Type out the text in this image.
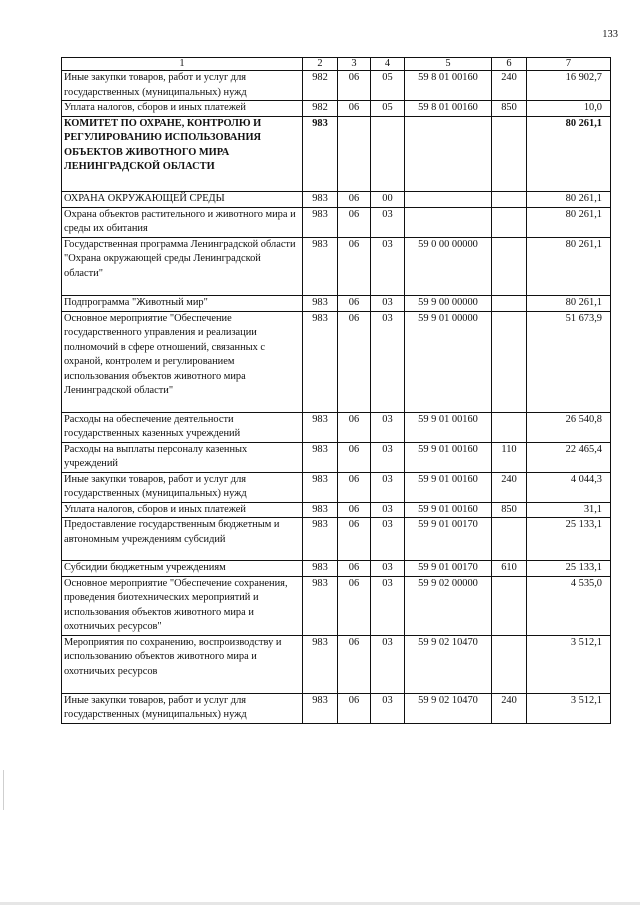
133
1	2	3	4	5	6	7
Иные закупки товаров, работ и услуг для государственных (муниципальных) нужд	982	06	05	59 8 01 00160	240	16 902,7
Уплата налогов, сборов и иных платежей	982	06	05	59 8 01 00160	850	10,0
КОМИТЕТ ПО ОХРАНЕ, КОНТРОЛЮ И РЕГУЛИРОВАНИЮ ИСПОЛЬЗОВАНИЯ ОБЪЕКТОВ ЖИВОТНОГО МИРА ЛЕНИНГРАДСКОЙ ОБЛАСТИ	983					80 261,1
ОХРАНА ОКРУЖАЮЩЕЙ СРЕДЫ	983	06	00			80 261,1
Охрана объектов растительного и животного мира и среды их обитания	983	06	03			80 261,1
Государственная программа Ленинградской области "Охрана окружающей среды Ленинградской области"	983	06	03	59 0 00 00000		80 261,1
Подпрограмма "Животный мир"	983	06	03	59 9 00 00000		80 261,1
Основное мероприятие "Обеспечение государственного управления и реализации полномочий в сфере отношений, связанных с охраной, контролем и регулированием использования объектов животного мира Ленинградской области"	983	06	03	59 9 01 00000		51 673,9
Расходы на обеспечение деятельности государственных казенных учреждений	983	06	03	59 9 01 00160		26 540,8
Расходы на выплаты персоналу казенных учреждений	983	06	03	59 9 01 00160	110	22 465,4
Иные закупки товаров, работ и услуг для государственных (муниципальных) нужд	983	06	03	59 9 01 00160	240	4 044,3
Уплата налогов, сборов и иных платежей	983	06	03	59 9 01 00160	850	31,1
Предоставление государственным бюджетным и автономным учреждениям субсидий	983	06	03	59 9 01 00170		25 133,1
Субсидии бюджетным учреждениям	983	06	03	59 9 01 00170	610	25 133,1
Основное мероприятие "Обеспечение сохранения, проведения биотехнических мероприятий и использования объектов животного мира и охотничьих ресурсов"	983	06	03	59 9 02 00000		4 535,0
Мероприятия по сохранению, воспроизводству и использованию объектов животного мира и охотничьих ресурсов	983	06	03	59 9 02 10470		3 512,1
Иные закупки товаров, работ и услуг для государственных (муниципальных) нужд	983	06	03	59 9 02 10470	240	3 512,1
